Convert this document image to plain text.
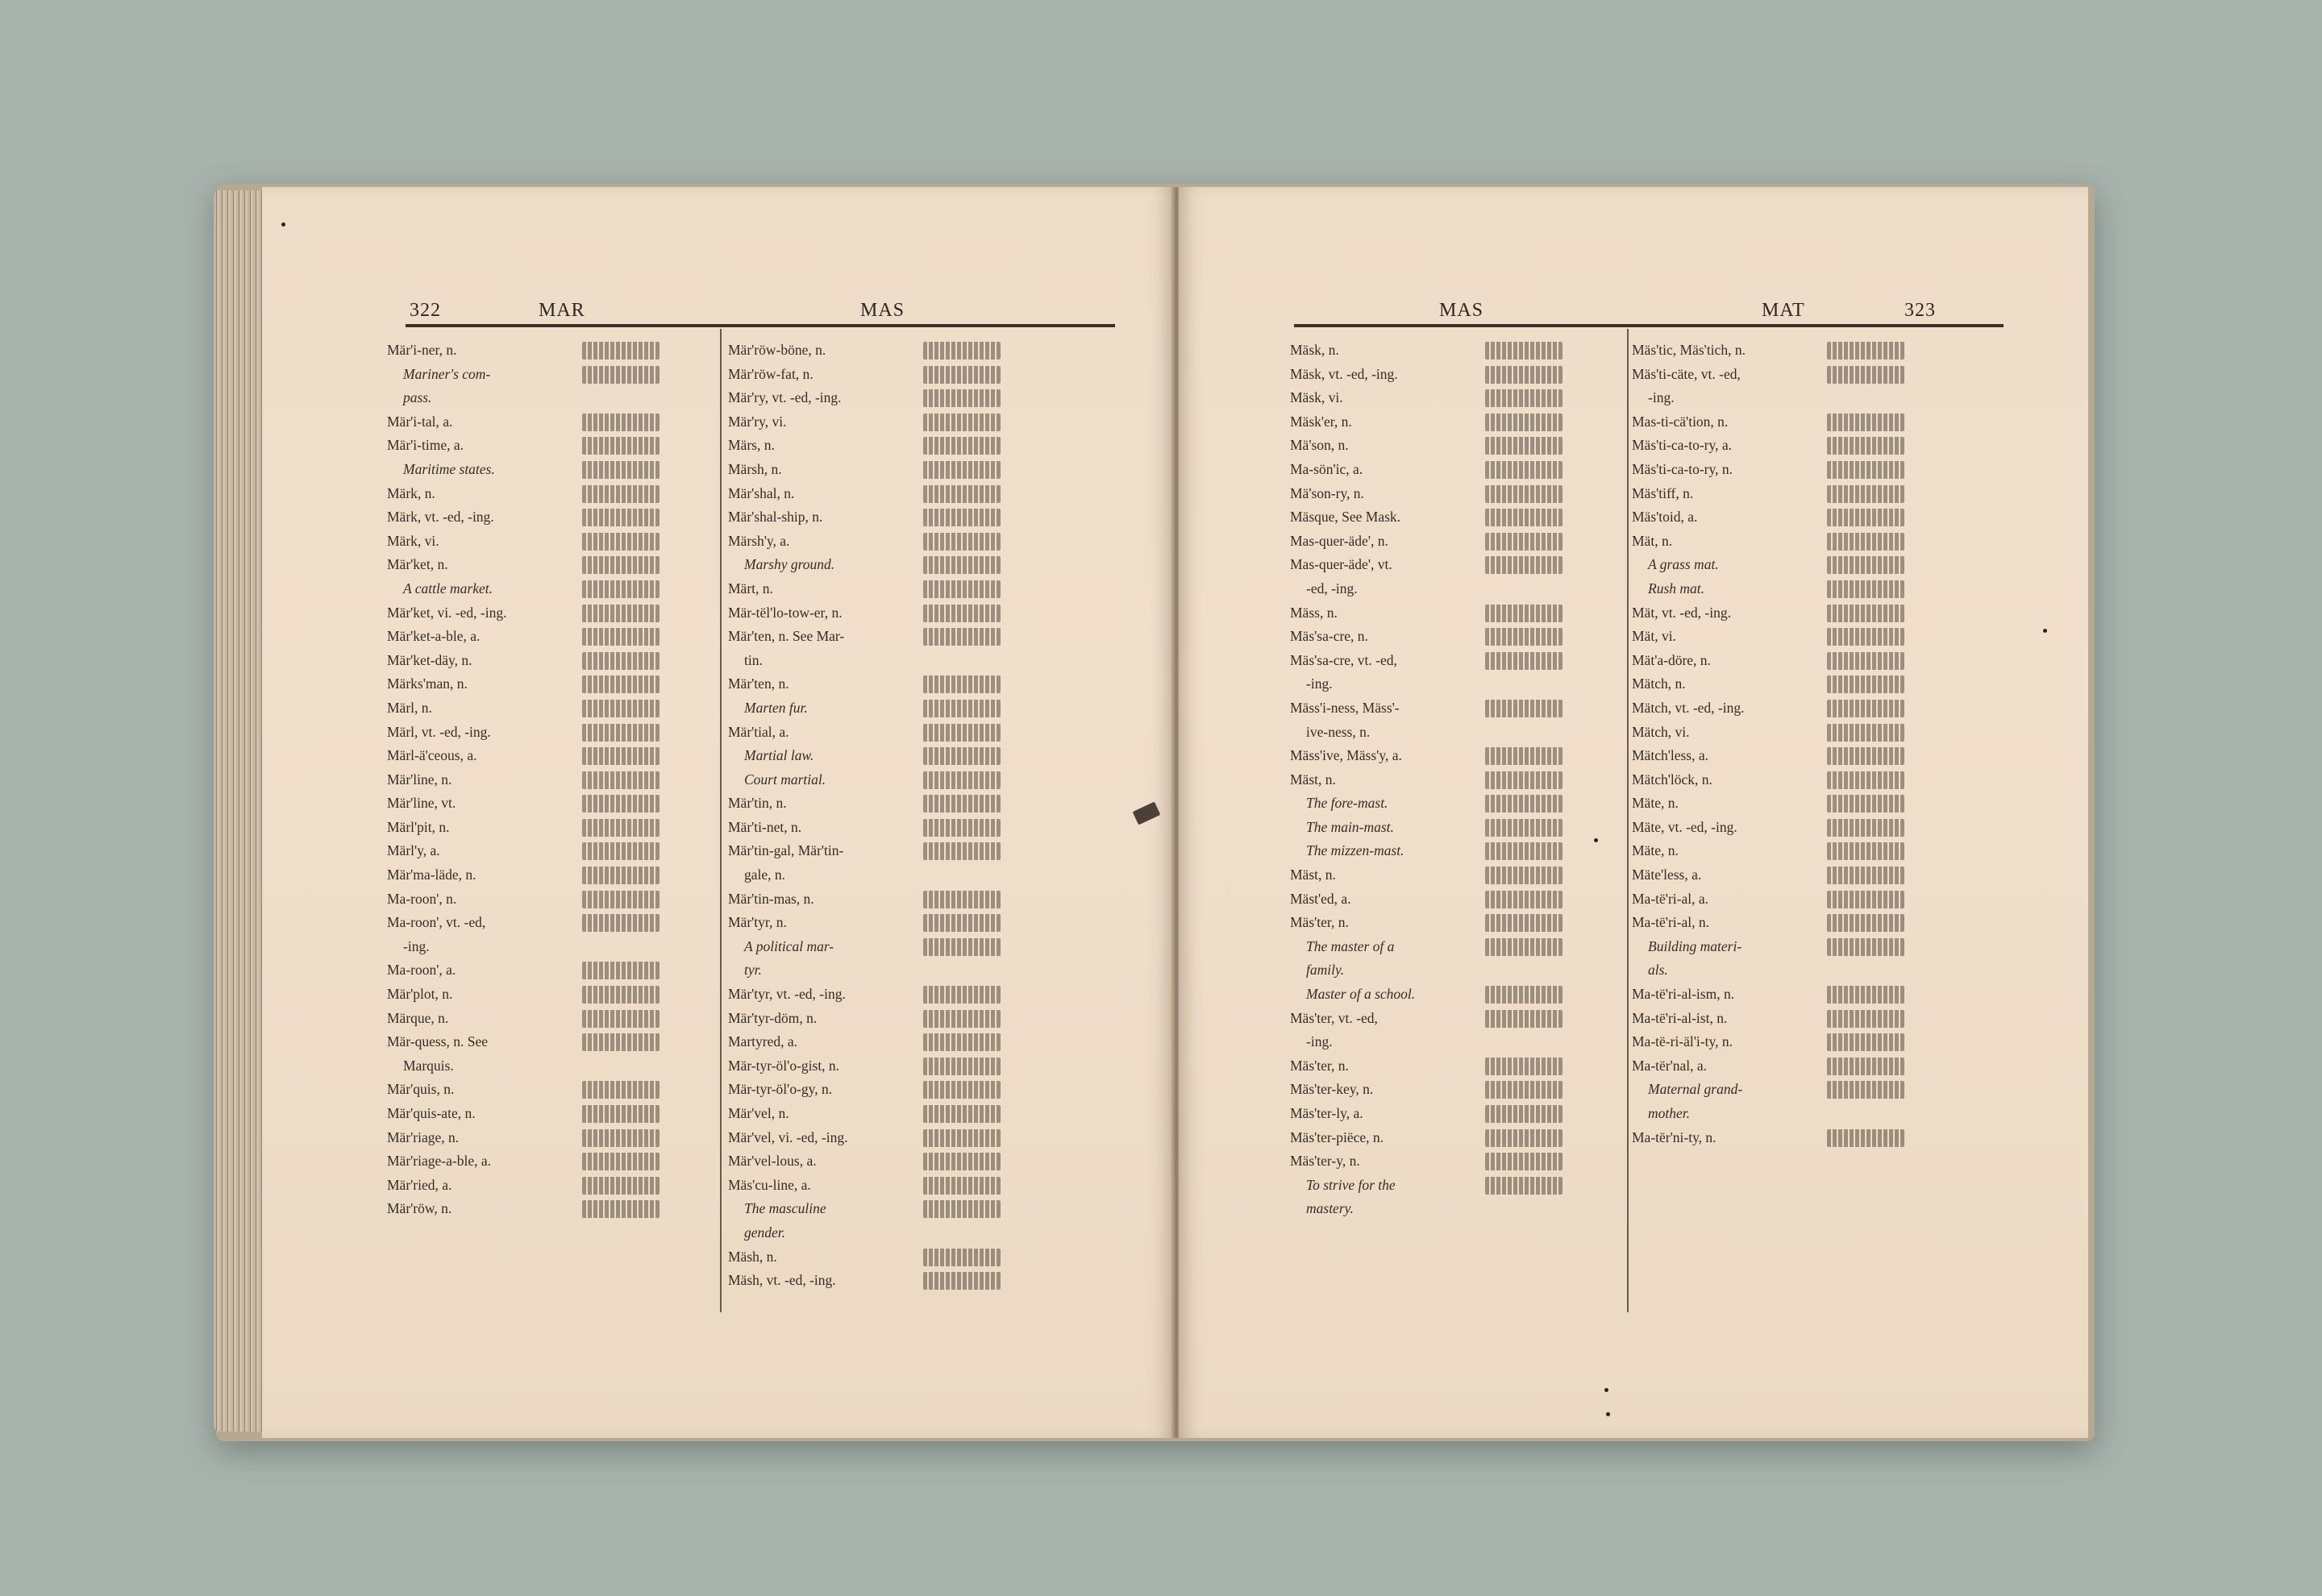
322	MAR	MAS
Mär'i-ner, n.
Mariner's com-
pass.
Mär'i-tal, a.
Mär'i-time, a.
Maritime states.
Märk, n.
Märk, vt. -ed, -ing.
Märk, vi.
Mär'ket, n.
A cattle market.
Mär'ket, vi. -ed, -ing.
Mär'ket-a-ble, a.
Mär'ket-däy, n.
Märks'man, n.
Märl, n.
Märl, vt. -ed, -ing.
Märl-ä'ceous, a.
Mär'line, n.
Mär'line, vt.
Märl'pit, n.
Märl'y, a.
Mär'ma-läde, n.
Ma-roon', n.
Ma-roon', vt. -ed,
-ing.
Ma-roon', a.
Mär'plot, n.
Märque, n.
Mär-quess, n. See
Marquis.
Mär'quis, n.
Mär'quis-ate, n.
Mär'riage, n.
Mär'riage-a-ble, a.
Mär'ried, a.
Mär'röw, n.
Mär'röw-böne, n.
Mär'röw-fat, n.
Mär'ry, vt. -ed, -ing.
Mär'ry, vi.
Märs, n.
Märsh, n.
Mär'shal, n.
Mär'shal-ship, n.
Märsh'y, a.
Marshy ground.
Märt, n.
Mär-tël'lo-tow-er, n.
Mär'ten, n. See Mar-
tin.
Mär'ten, n.
Marten fur.
Mär'tial, a.
Martial law.
Court martial.
Mär'tin, n.
Mär'ti-net, n.
Mär'tin-gal, Mär'tin-
gale, n.
Mär'tin-mas, n.
Mär'tyr, n.
A political mar-
tyr.
Mär'tyr, vt. -ed, -ing.
Mär'tyr-döm, n.
Martyred, a.
Mär-tyr-öl'o-gist, n.
Mär-tyr-öl'o-gy, n.
Mär'vel, n.
Mär'vel, vi. -ed, -ing.
Mär'vel-lous, a.
Mäs'cu-line, a.
The masculine
gender.
Mäsh, n.
Mäsh, vt. -ed, -ing.
MAS	MAT	323
Mäsk, n.
Mäsk, vt. -ed, -ing.
Mäsk, vi.
Mäsk'er, n.
Mä'son, n.
Ma-sön'ic, a.
Mä'son-ry, n.
Mäsque, See Mask.
Mas-quer-äde', n.
Mas-quer-äde', vt.
-ed, -ing.
Mäss, n.
Mäs'sa-cre, n.
Mäs'sa-cre, vt. -ed,
-ing.
Mäss'i-ness, Mäss'-
ive-ness, n.
Mäss'ive, Mäss'y, a.
Mäst, n.
The fore-mast.
The main-mast.
The mizzen-mast.
Mäst, n.
Mäst'ed, a.
Mäs'ter, n.
The master of a
family.
Master of a school.
Mäs'ter, vt. -ed,
-ing.
Mäs'ter, n.
Mäs'ter-key, n.
Mäs'ter-ly, a.
Mäs'ter-piëce, n.
Mäs'ter-y, n.
To strive for the
mastery.
Mäs'tic, Mäs'tich, n.
Mäs'ti-cäte, vt. -ed,
-ing.
Mas-ti-cä'tion, n.
Mäs'ti-ca-to-ry, a.
Mäs'ti-ca-to-ry, n.
Mäs'tiff, n.
Mäs'toid, a.
Mät, n.
A grass mat.
Rush mat.
Mät, vt. -ed, -ing.
Mät, vi.
Mät'a-döre, n.
Mätch, n.
Mätch, vt. -ed, -ing.
Mätch, vi.
Mätch'less, a.
Mätch'löck, n.
Mäte, n.
Mäte, vt. -ed, -ing.
Mäte, n.
Mäte'less, a.
Ma-të'ri-al, a.
Ma-të'ri-al, n.
Building materi-
als.
Ma-të'ri-al-ism, n.
Ma-të'ri-al-ist, n.
Ma-të-ri-äl'i-ty, n.
Ma-tër'nal, a.
Maternal grand-
mother.
Ma-tër'ni-ty, n.
